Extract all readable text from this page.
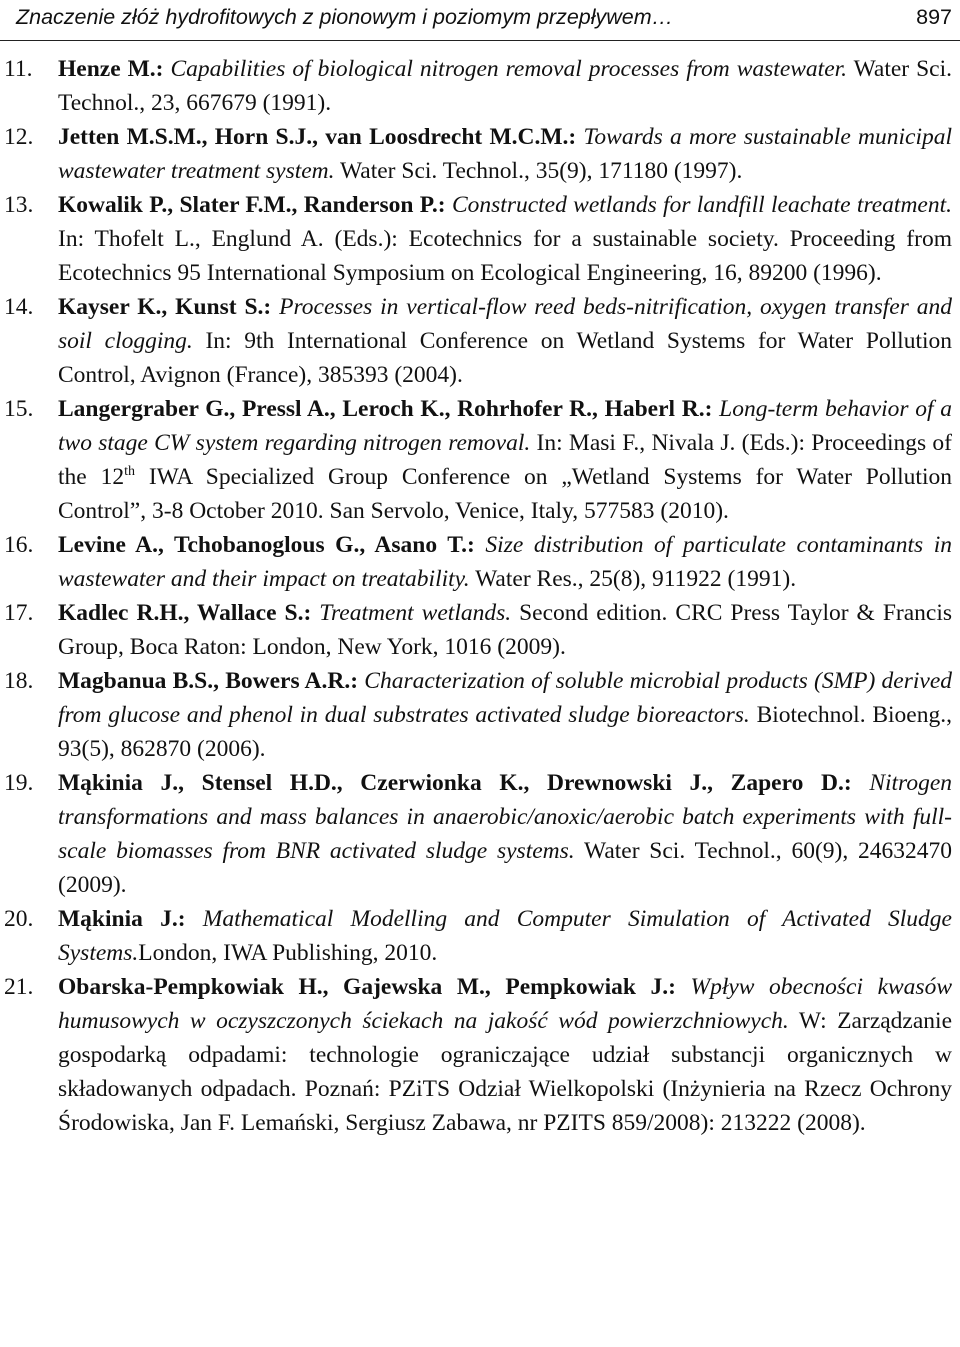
Znaczenie złóż hydrofitowych z pionowym i poziomym przepływem…	897
11. Henze M.: Capabilities of biological nitrogen removal processes from wastewater. Water Sci. Technol., 23, 667679 (1991).
12. Jetten M.S.M., Horn S.J., van Loosdrecht M.C.M.: Towards a more sustainable municipal wastewater treatment system. Water Sci. Technol., 35(9), 171180 (1997).
13. Kowalik P., Slater F.M., Randerson P.: Constructed wetlands for landfill leachate treatment. In: Thofelt L., Englund A. (Eds.): Ecotechnics for a sustainable society. Proceeding from Ecotechnics 95 International Symposium on Ecological Engineering, 16, 89200 (1996).
14. Kayser K., Kunst S.: Processes in vertical-flow reed beds-nitrification, oxygen transfer and soil clogging. In: 9th International Conference on Wetland Systems for Water Pollution Control, Avignon (France), 385393 (2004).
15. Langergraber G., Pressl A., Leroch K., Rohrhofer R., Haberl R.: Long-term behavior of a two stage CW system regarding nitrogen removal. In: Masi F., Nivala J. (Eds.): Proceedings of the 12th IWA Specialized Group Conference on „Wetland Systems for Water Pollution Control”, 3-8 October 2010. San Servolo, Venice, Italy, 577583 (2010).
16. Levine A., Tchobanoglous G., Asano T.: Size distribution of particulate contaminants in wastewater and their impact on treatability. Water Res., 25(8), 911922 (1991).
17. Kadlec R.H., Wallace S.: Treatment wetlands. Second edition. CRC Press Taylor & Francis Group, Boca Raton: London, New York, 1016 (2009).
18. Magbanua B.S., Bowers A.R.: Characterization of soluble microbial products (SMP) derived from glucose and phenol in dual substrates activated sludge bioreactors. Biotechnol. Bioeng., 93(5), 862870 (2006).
19. Mąkinia J., Stensel H.D., Czerwionka K., Drewnowski J., Zapero D.: Nitrogen transformations and mass balances in anaerobic/anoxic/aerobic batch experiments with full-scale biomasses from BNR activated sludge systems. Water Sci. Technol., 60(9), 24632470 (2009).
20. Mąkinia J.: Mathematical Modelling and Computer Simulation of Activated Sludge Systems.London, IWA Publishing, 2010.
21. Obarska-Pempkowiak H., Gajewska M., Pempkowiak J.: Wpływ obecności kwasów humusowych w oczyszczonych ściekach na jakość wód powierzchniowych. W: Zarządzanie gospodarką odpadami: technologie ograniczające udział substancji organicznych w składowanych odpadach. Poznań: PZiTS Odział Wielkopolski (Inżynieria na Rzecz Ochrony Środowiska, Jan F. Lemański, Sergiusz Zabawa, nr PZITS 859/2008): 213222 (2008).
